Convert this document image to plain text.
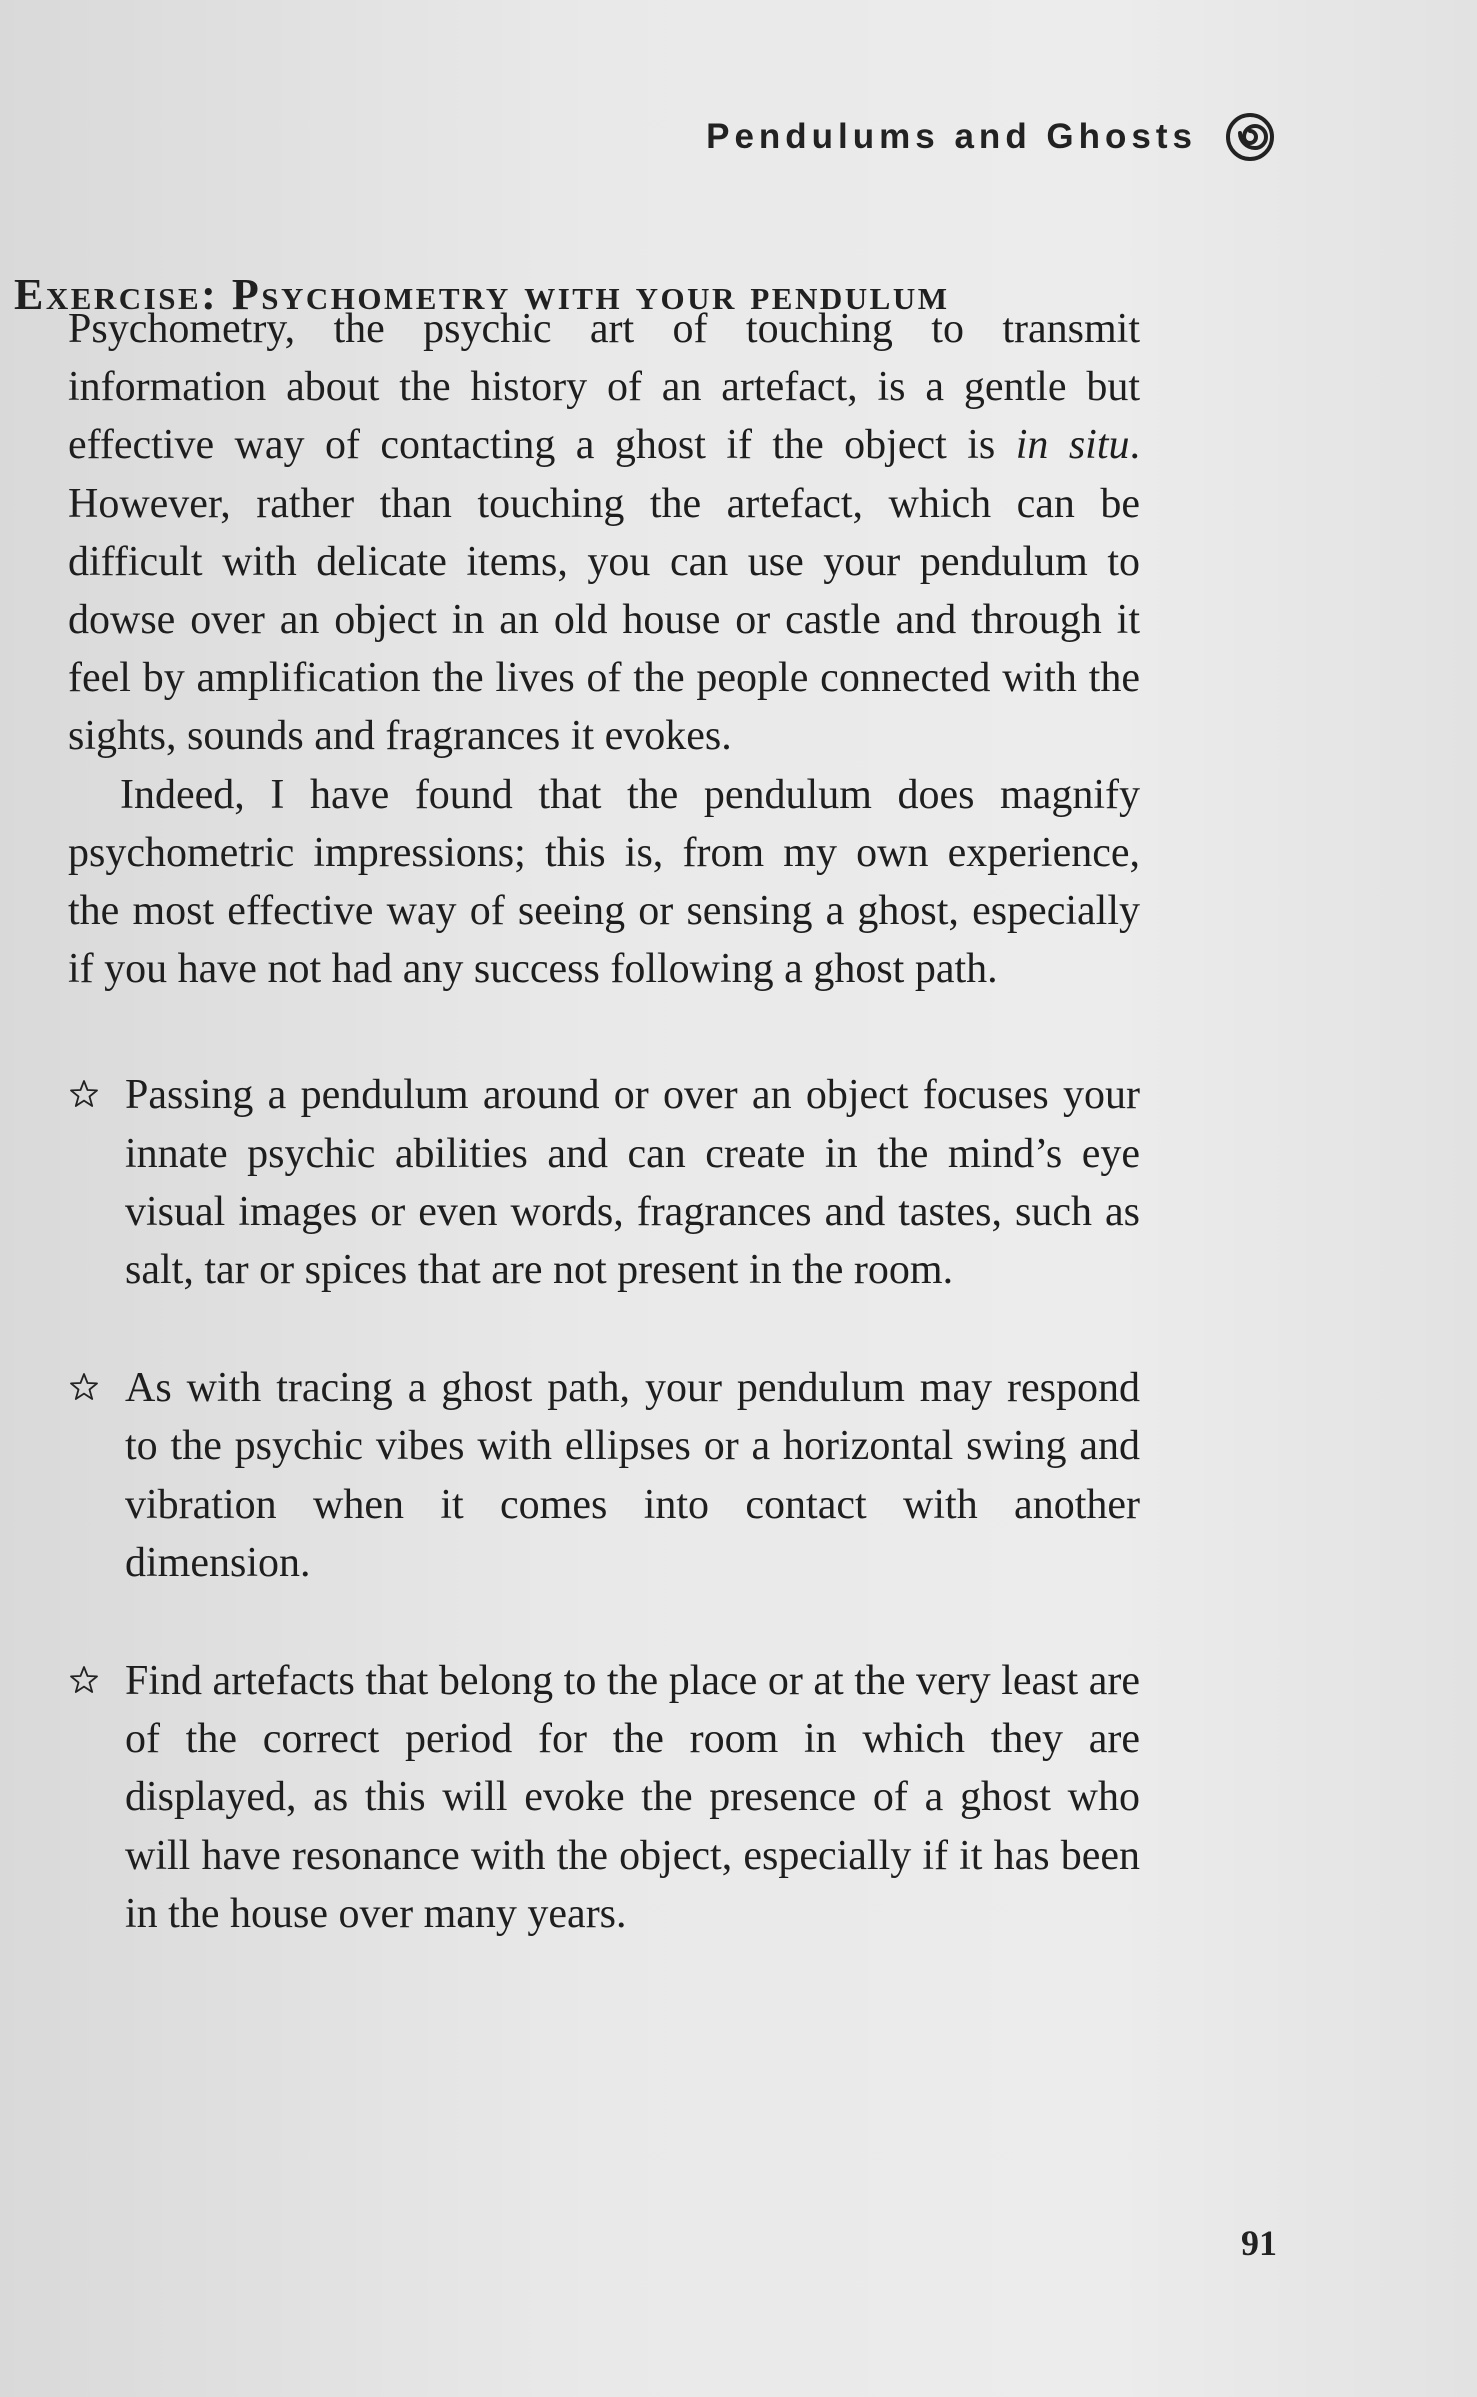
Pendulums and Ghosts
Exercise: Psychometry with your pendulum

Psychometry, the psychic art of touching to transmit information about the history of an artefact, is a gentle but effective way of contacting a ghost if the object is in situ. However, rather than touching the artefact, which can be difficult with delicate items, you can use your pendulum to dowse over an object in an old house or castle and through it feel by amplification the lives of the people connected with the sights, sounds and fragrances it evokes.

Indeed, I have found that the pendulum does magnify psychometric impressions; this is, from my own experience, the most effective way of seeing or sensing a ghost, especially if you have not had any success following a ghost path.

Passing a pendulum around or over an object focuses your innate psychic abilities and can create in the mind’s eye visual images or even words, fragrances and tastes, such as salt, tar or spices that are not present in the room.
As with tracing a ghost path, your pendulum may respond to the psychic vibes with ellipses or a horizontal swing and vibration when it comes into contact with another dimension.
Find artefacts that belong to the place or at the very least are of the correct period for the room in which they are displayed, as this will evoke the presence of a ghost who will have resonance with the object, especially if it has been in the house over many years.
91
